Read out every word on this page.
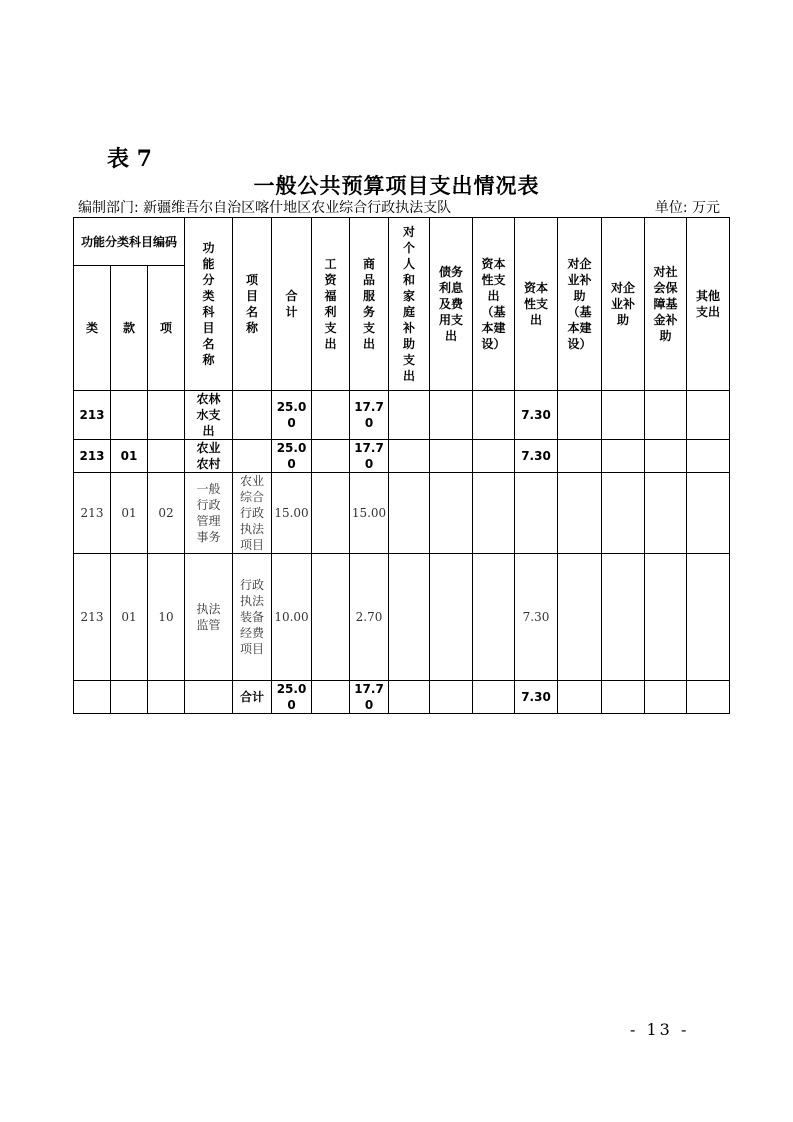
表 7
一般公共预算项目支出情况表
编制部门: 新疆维吾尔自治区喀什地区农业综合行政执法支队	单位: 万元
功能分类科目编码			功能分类科目名称	项目名称	合计	工资福利支出	商品服务支出	对个人和家庭补助支出	债务利息及费用支出	资本性支出（基本建设）	资本性支出	对企业补助（基本建设）	对企业补助	对社会保障基金补助	其他支出

类	款	项													
213			农林水支出		25.00		17.70				7.30				
213	01		农业农村		25.00		17.70				7.30				
213	01	02	一般行政管理事务	农业综合行政执法项目	15.00		15.00								

213	01	10	执法监管	行政执法装备经费项目	10.00		2.70				7.30				
				合计	25.00		17.70				7.30				
- 13 -
